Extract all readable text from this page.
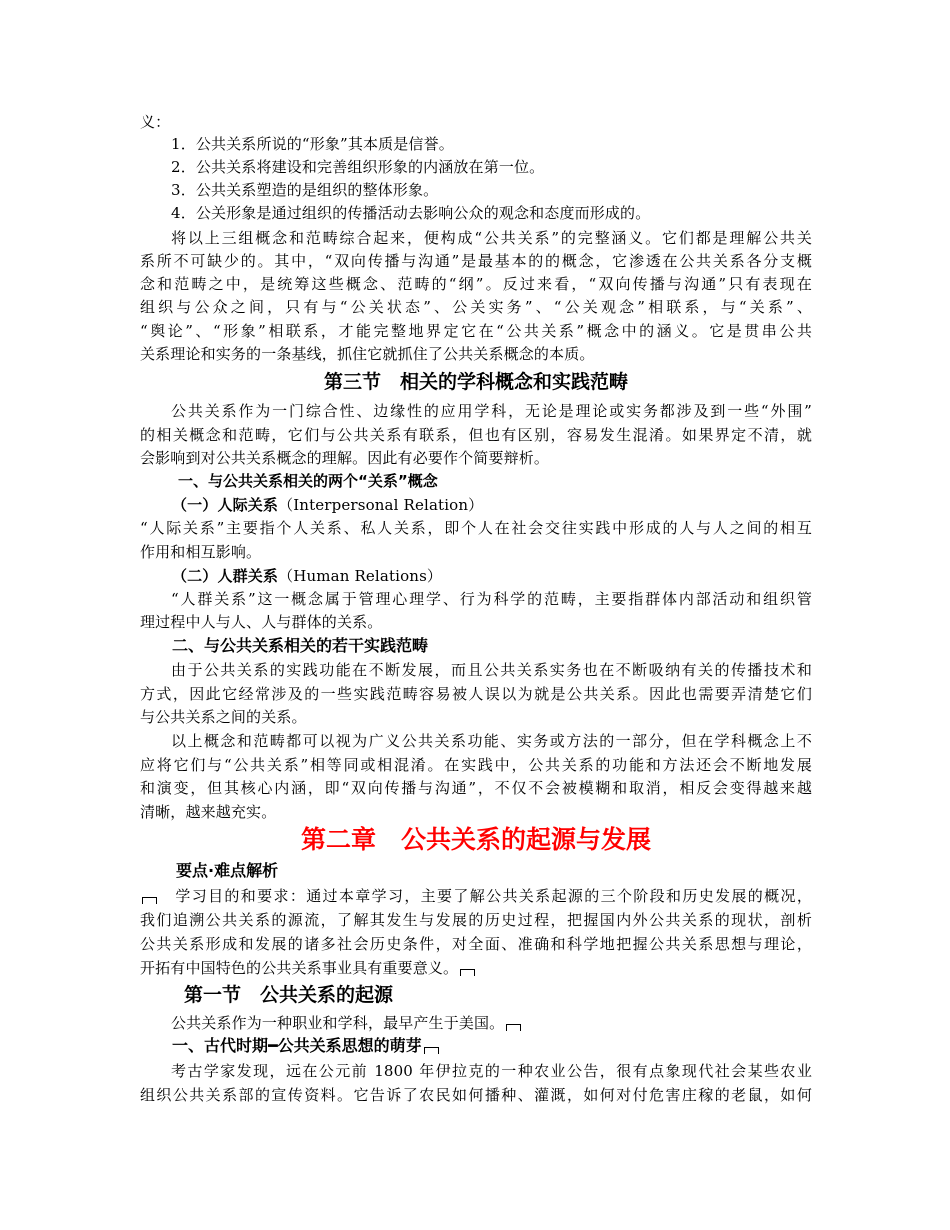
义：
1．公共关系所说的“形象”其本质是信誉。
2．公共关系将建设和完善组织形象的内涵放在第一位。
3．公共关系塑造的是组织的整体形象。
4．公关形象是通过组织的传播活动去影响公众的观念和态度而形成的。
将以上三组概念和范畴综合起来，便构成“公共关系”的完整涵义。它们都是理解公共关
系所不可缺少的。其中，“双向传播与沟通”是最基本的的概念，它渗透在公共关系各分支概
念和范畴之中，是统筹这些概念、范畴的“纲”。反过来看，“双向传播与沟通”只有表现在
组织与公众之间，只有与“公关状态”、公关实务”、“公关观念”相联系，与“关系”、
“舆论”、“形象”相联系，才能完整地界定它在“公共关系”概念中的涵义。它是贯串公共
关系理论和实务的一条基线，抓住它就抓住了公共关系概念的本质。
第三节　相关的学科概念和实践范畴
公共关系作为一门综合性、边缘性的应用学科，无论是理论或实务都涉及到一些“外围”
的相关概念和范畴，它们与公共关系有联系，但也有区别，容易发生混淆。如果界定不清，就
会影响到对公共关系概念的理解。因此有必要作个简要辩析。
一、与公共关系相关的两个“关系”概念
（一）人际关系（Interpersonal Relation）
“人际关系”主要指个人关系、私人关系，即个人在社会交往实践中形成的人与人之间的相互
作用和相互影响。
（二）人群关系（Human Relations）
“人群关系”这一概念属于管理心理学、行为科学的范畴，主要指群体内部活动和组织管
理过程中人与人、人与群体的关系。
二、与公共关系相关的若干实践范畴
由于公共关系的实践功能在不断发展，而且公共关系实务也在不断吸纳有关的传播技术和
方式，因此它经常涉及的一些实践范畴容易被人误以为就是公共关系。因此也需要弄清楚它们
与公共关系之间的关系。
以上概念和范畴都可以视为广义公共关系功能、实务或方法的一部分，但在学科概念上不
应将它们与“公共关系”相等同或相混淆。在实践中，公共关系的功能和方法还会不断地发展
和演变，但其核心内涵，即“双向传播与沟通”，不仅不会被模糊和取消，相反会变得越来越
清晰，越来越充实。
第二章　公共关系的起源与发展
要点·难点解析
 学习目的和要求：通过本章学习，主要了解公共关系起源的三个阶段和历史发展的概况，
我们追溯公共关系的源流，了解其发生与发展的历史过程，把握国内外公共关系的现状，剖析
公共关系形成和发展的诸多社会历史条件，对全面、准确和科学地把握公共关系思想与理论，
开拓有中国特色的公共关系事业具有重要意义。
第一节　公共关系的起源
公共关系作为一种职业和学科，最早产生于美国。
一、古代时期━公共关系思想的萌芽
考古学家发现，远在公元前 1800 年伊拉克的一种农业公告，很有点象现代社会某些农业
组织公共关系部的宣传资料。它告诉了农民如何播种、灌溉，如何对付危害庄稼的老鼠，如何
